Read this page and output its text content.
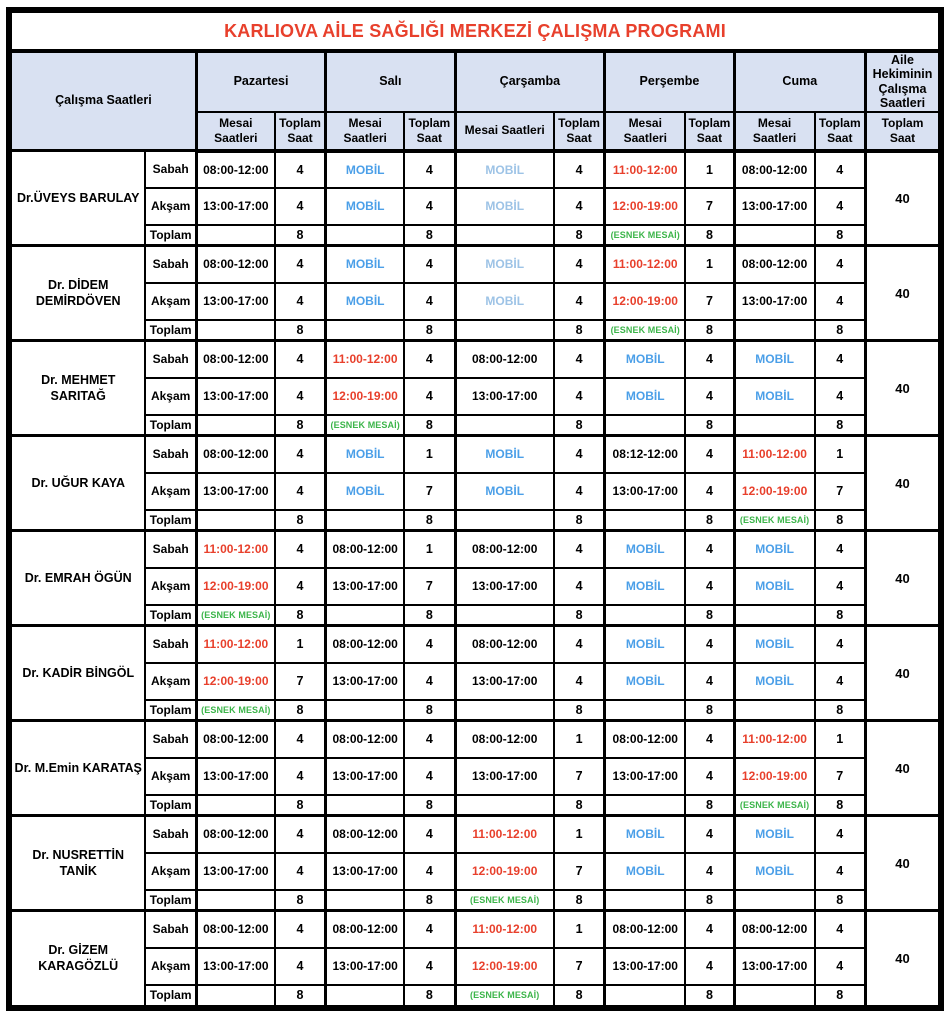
KARLIOVA AİLE SAĞLIĞI MERKEZİ ÇALIŞMA PROGRAMI												
Çalışma Saatleri		Pazartesi		Salı		Çarşamba		Perşembe		Cuma		Aile Hekiminin Çalışma Saatleri
		Mesai Saatleri	Toplam Saat	Mesai Saatleri	Toplam Saat	Mesai Saatleri	Toplam Saat	Mesai Saatleri	Toplam Saat	Mesai Saatleri	Toplam Saat	Toplam Saat
Dr.ÜVEYS BARULAY	Sabah	08:00-12:00	4	MOBİL	4	MOBİL	4	11:00-12:00	1	08:00-12:00	4	40
	Akşam	13:00-17:00	4	MOBİL	4	MOBİL	4	12:00-19:00	7	13:00-17:00	4	
	Toplam		8		8		8	(ESNEK MESAİ)	8		8	
Dr. DİDEM DEMİRDÖVEN	Sabah	08:00-12:00	4	MOBİL	4	MOBİL	4	11:00-12:00	1	08:00-12:00	4	40
	Akşam	13:00-17:00	4	MOBİL	4	MOBİL	4	12:00-19:00	7	13:00-17:00	4	
	Toplam		8		8		8	(ESNEK MESAİ)	8		8	
Dr. MEHMET SARITAĞ	Sabah	08:00-12:00	4	11:00-12:00	4	08:00-12:00	4	MOBİL	4	MOBİL	4	40
	Akşam	13:00-17:00	4	12:00-19:00	4	13:00-17:00	4	MOBİL	4	MOBİL	4	
	Toplam		8	(ESNEK MESAİ)	8		8		8		8	
Dr. UĞUR KAYA	Sabah	08:00-12:00	4	MOBİL	1	MOBİL	4	08:12-12:00	4	11:00-12:00	1	40
	Akşam	13:00-17:00	4	MOBİL	7	MOBİL	4	13:00-17:00	4	12:00-19:00	7	
	Toplam		8		8		8		8	(ESNEK MESAİ)	8	
Dr. EMRAH ÖGÜN	Sabah	11:00-12:00	4	08:00-12:00	1	08:00-12:00	4	MOBİL	4	MOBİL	4	40
	Akşam	12:00-19:00	4	13:00-17:00	7	13:00-17:00	4	MOBİL	4	MOBİL	4	
	Toplam	(ESNEK MESAİ)	8		8		8		8		8	
Dr. KADİR BİNGÖL	Sabah	11:00-12:00	1	08:00-12:00	4	08:00-12:00	4	MOBİL	4	MOBİL	4	40
	Akşam	12:00-19:00	7	13:00-17:00	4	13:00-17:00	4	MOBİL	4	MOBİL	4	
	Toplam	(ESNEK MESAİ)	8		8		8		8		8	
Dr. M.Emin KARATAŞ	Sabah	08:00-12:00	4	08:00-12:00	4	08:00-12:00	1	08:00-12:00	4	11:00-12:00	1	40
	Akşam	13:00-17:00	4	13:00-17:00	4	13:00-17:00	7	13:00-17:00	4	12:00-19:00	7	
	Toplam		8		8		8		8	(ESNEK MESAİ)	8	
Dr. NUSRETTİN TANİK	Sabah	08:00-12:00	4	08:00-12:00	4	11:00-12:00	1	MOBİL	4	MOBİL	4	40
	Akşam	13:00-17:00	4	13:00-17:00	4	12:00-19:00	7	MOBİL	4	MOBİL	4	
	Toplam		8		8	(ESNEK MESAİ)	8		8		8	
Dr. GİZEM KARAGÖZLÜ	Sabah	08:00-12:00	4	08:00-12:00	4	11:00-12:00	1	08:00-12:00	4	08:00-12:00	4	40
	Akşam	13:00-17:00	4	13:00-17:00	4	12:00-19:00	7	13:00-17:00	4	13:00-17:00	4	
	Toplam		8		8	(ESNEK MESAİ)	8		8		8	
